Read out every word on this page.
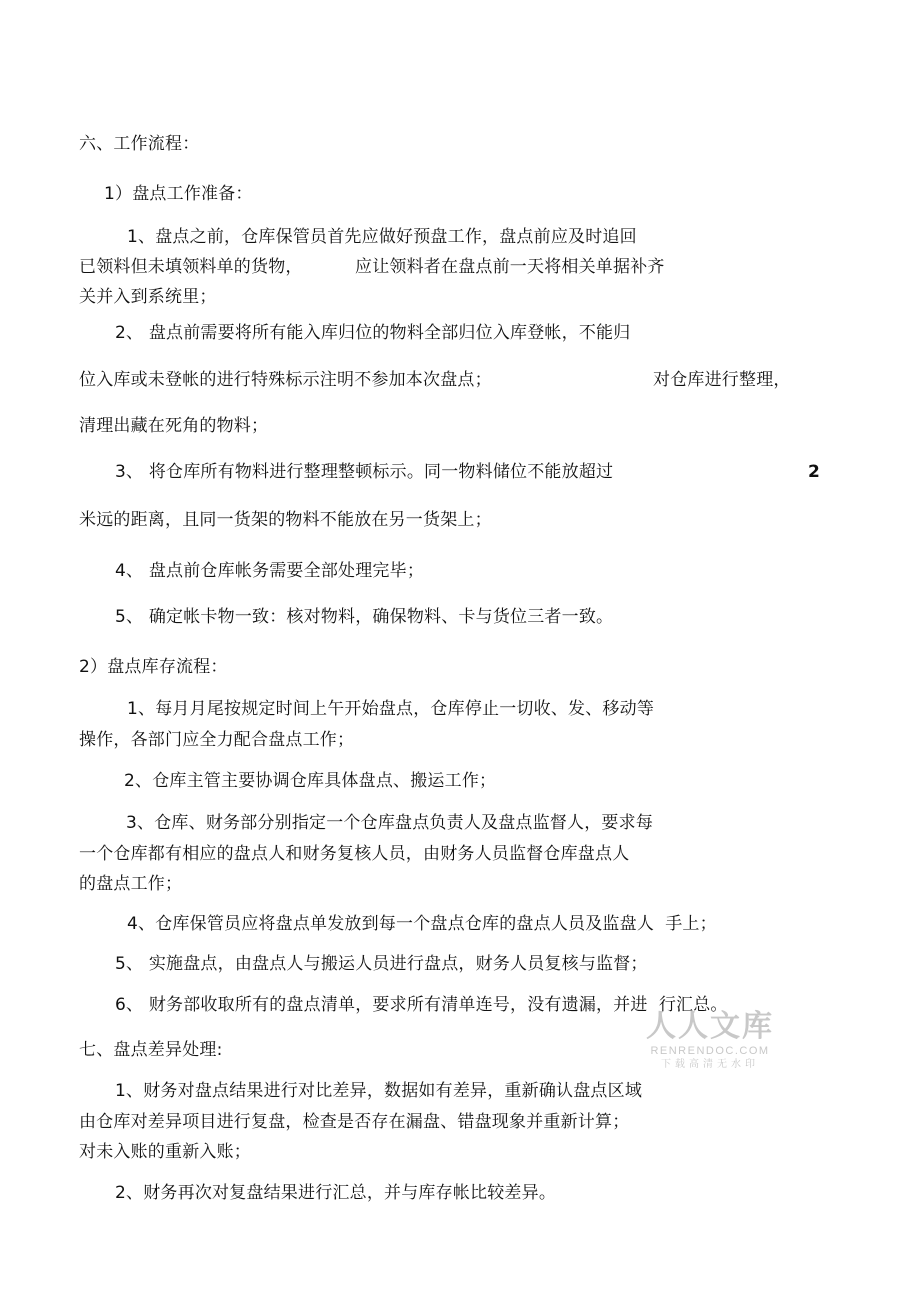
六、工作流程：
1）盘点工作准备：
1、盘点之前，仓库保管员首先应做好预盘工作，盘点前应及时追回
已领料但未填领料单的货物，	应让领料者在盘点前一天将相关单据补齐
关并入到系统里；
2、 盘点前需要将所有能入库归位的物料全部归位入库登帐，不能归
位入库或未登帐的进行特殊标示注明不参加本次盘点；	对仓库进行整理，
清理出藏在死角的物料；
3、 将仓库所有物料进行整理整顿标示。同一物料储位不能放超过	2
米远的距离，且同一货架的物料不能放在另一货架上；
4、 盘点前仓库帐务需要全部处理完毕；
5、 确定帐卡物一致：核对物料，确保物料、卡与货位三者一致。
2）盘点库存流程：
1、每月月尾按规定时间上午开始盘点，仓库停止一切收、发、移动等
操作，各部门应全力配合盘点工作；
2、仓库主管主要协调仓库具体盘点、搬运工作；
3、仓库、财务部分别指定一个仓库盘点负责人及盘点监督人，要求每
一个仓库都有相应的盘点人和财务复核人员，由财务人员监督仓库盘点人
的盘点工作；
4、仓库保管员应将盘点单发放到每一个盘点仓库的盘点人员及监盘人  手上；
5、 实施盘点，由盘点人与搬运人员进行盘点，财务人员复核与监督；
6、 财务部收取所有的盘点清单，要求所有清单连号，没有遗漏，并进  行汇总。
七、盘点差异处理:
1、财务对盘点结果进行对比差异，数据如有差异，重新确认盘点区域
由仓库对差异项目进行复盘，检查是否存在漏盘、错盘现象并重新计算；
对未入账的重新入账；
2、财务再次对复盘结果进行汇总，并与库存帐比较差异。
人人文库
RENRENDOC.COM
下载高清无水印
